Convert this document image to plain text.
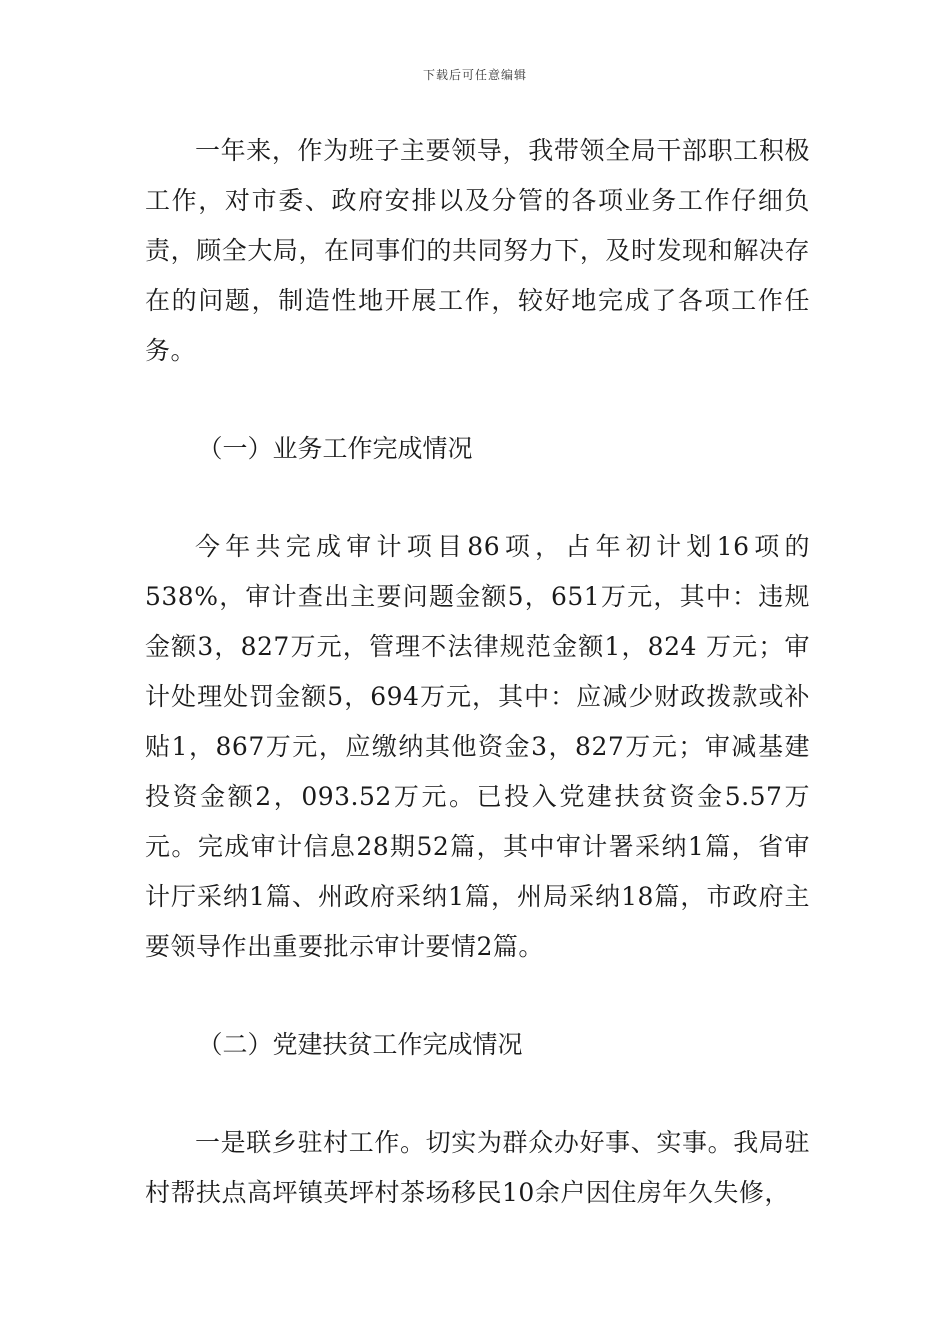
下载后可任意编辑

一年来，作为班子主要领导，我带领全局干部职工积极工作，对市委、政府安排以及分管的各项业务工作仔细负责，顾全大局，在同事们的共同努力下，及时发现和解决存在的问题，制造性地开展工作，较好地完成了各项工作任务。

（一）业务工作完成情况

今年共完成审计项目86项，占年初计划16项的538%，审计查出主要问题金额5，651万元，其中：违规金额3，827万元，管理不法律规范金额1，824 万元；审计处理处罚金额5，694万元，其中：应减少财政拨款或补贴1，867万元，应缴纳其他资金3，827万元；审减基建投资金额2，093.52万元。已投入党建扶贫资金5.57万元。完成审计信息28期52篇，其中审计署采纳1篇，省审计厅采纳1篇、州政府采纳1篇，州局采纳18篇，市政府主要领导作出重要批示审计要情2篇。

（二）党建扶贫工作完成情况

一是联乡驻村工作。切实为群众办好事、实事。我局驻村帮扶点高坪镇英坪村茶场移民10余户因住房年久失修，
